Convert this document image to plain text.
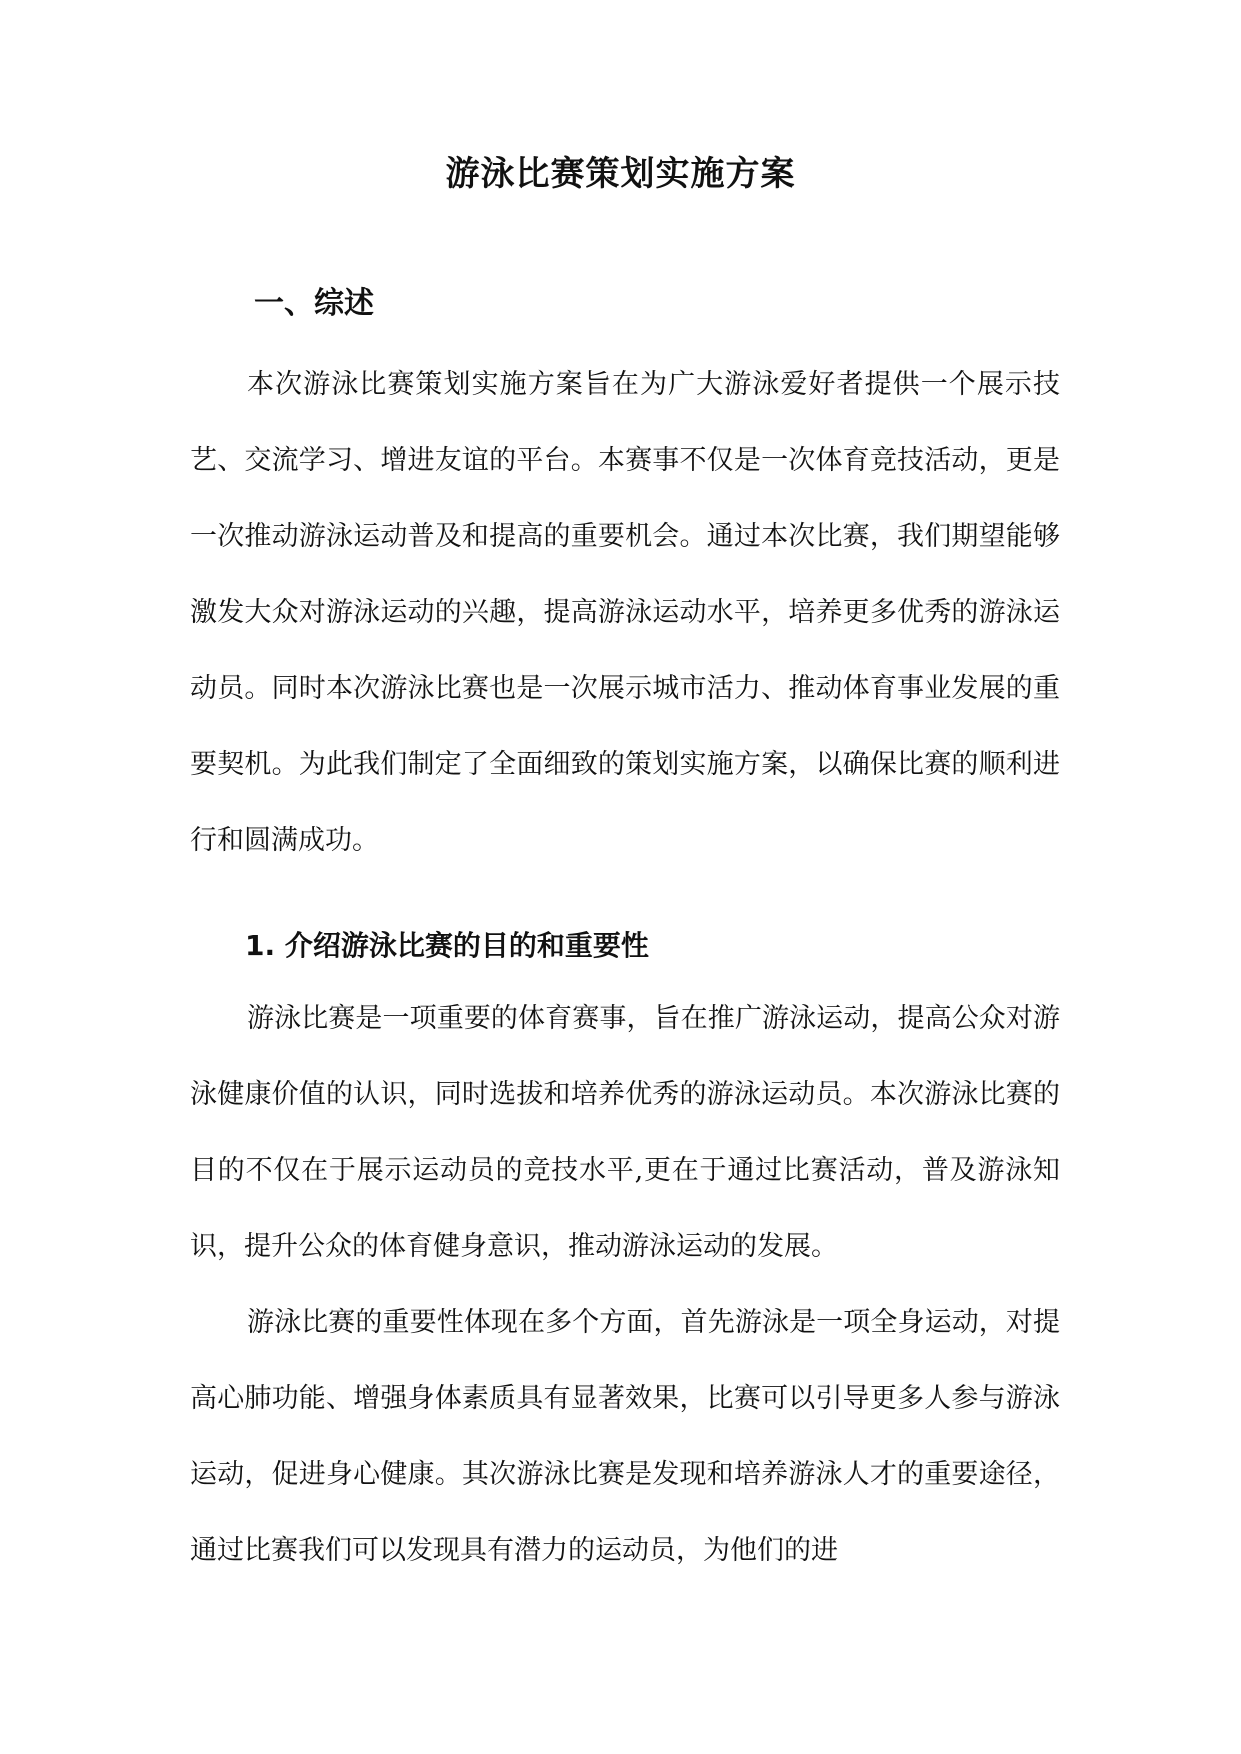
游泳比赛策划实施方案
一、综述

本次游泳比赛策划实施方案旨在为广大游泳爱好者提供一个展示技艺、交流学习、增进友谊的平台。本赛事不仅是一次体育竞技活动，更是一次推动游泳运动普及和提高的重要机会。通过本次比赛，我们期望能够激发大众对游泳运动的兴趣，提高游泳运动水平，培养更多优秀的游泳运动员。同时本次游泳比赛也是一次展示城市活力、推动体育事业发展的重要契机。为此我们制定了全面细致的策划实施方案，以确保比赛的顺利进行和圆满成功。

1. 介绍游泳比赛的目的和重要性

游泳比赛是一项重要的体育赛事，旨在推广游泳运动，提高公众对游泳健康价值的认识，同时选拔和培养优秀的游泳运动员。本次游泳比赛的目的不仅在于展示运动员的竞技水平,更在于通过比赛活动，普及游泳知识，提升公众的体育健身意识，推动游泳运动的发展。

游泳比赛的重要性体现在多个方面，首先游泳是一项全身运动，对提高心肺功能、增强身体素质具有显著效果，比赛可以引导更多人参与游泳运动，促进身心健康。其次游泳比赛是发现和培养游泳人才的重要途径，通过比赛我们可以发现具有潜力的运动员，为他们的进
